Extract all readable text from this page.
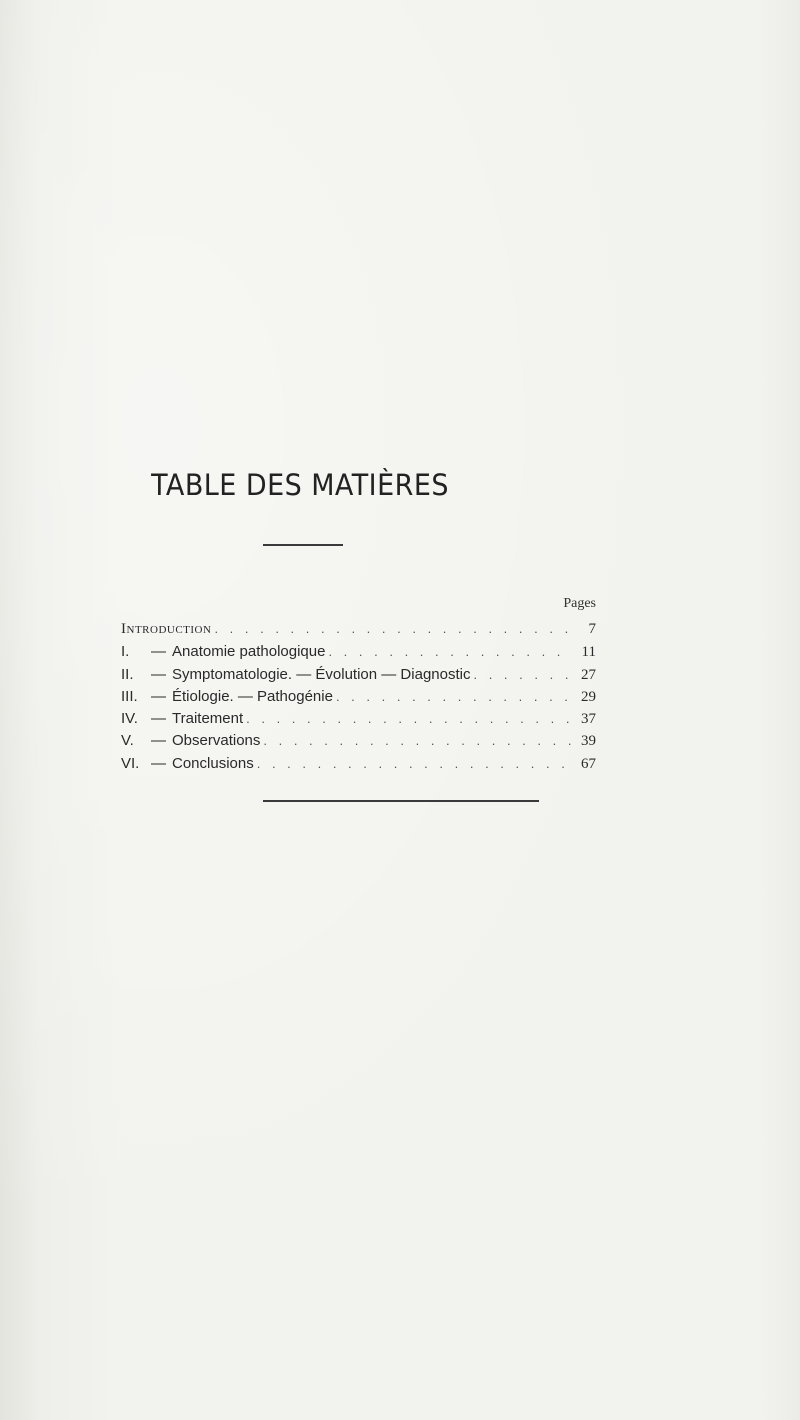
TABLE DES MATIÈRES
Pages
Introduction . . .	7
I.	— Anatomie pathologique . . .	11
II.	— Symptomatologie. — Évolution — Diagnostic . . .	27
III. — Étiologie. — Pathogénie . . .	29
IV. — Traitement . . .	37
V.	— Observations . . .	39
VI. — Conclusions . . .	67
